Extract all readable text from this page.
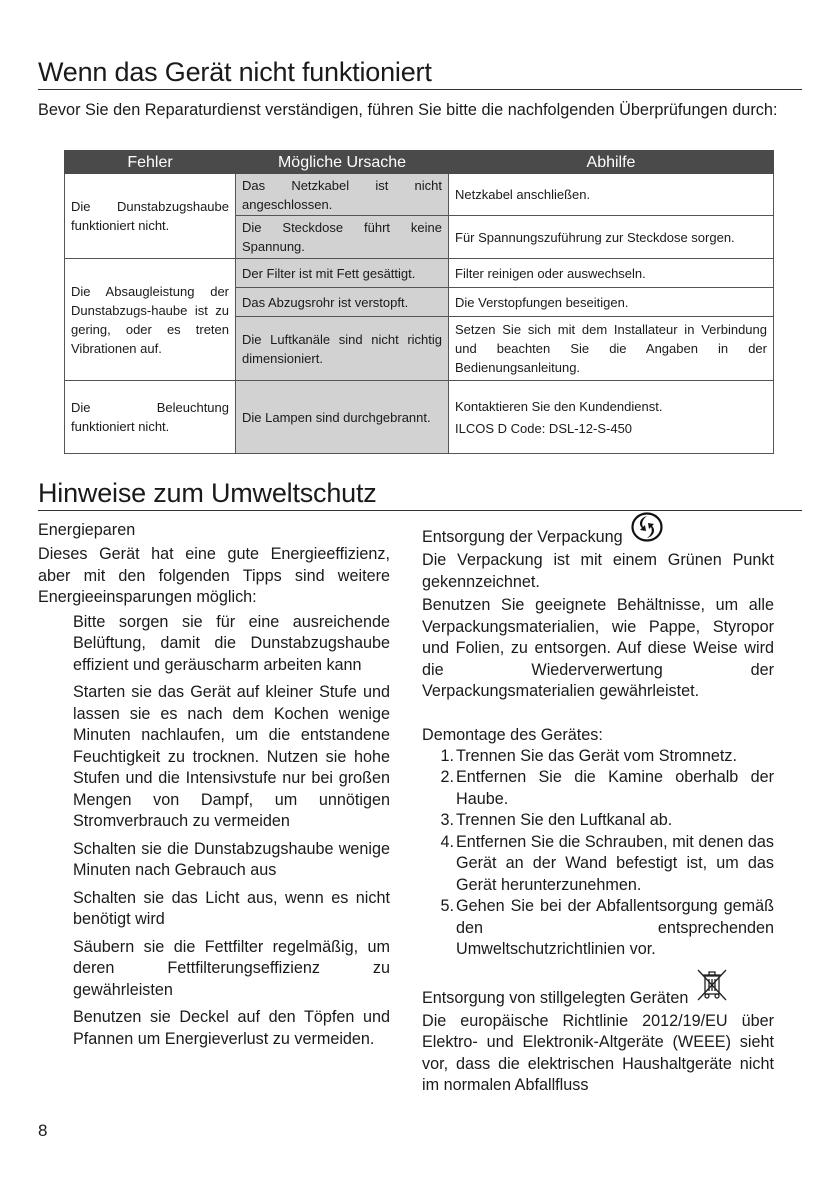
Wenn das Gerät nicht funktioniert

Bevor Sie den Reparaturdienst verständigen, führen Sie bitte die nachfolgenden Überprüfungen durch:

Fehler	Mögliche Ursache	Abhilfe
Die Dunstabzugshaube funktioniert nicht.	Das Netzkabel ist nicht angeschlossen.	Netzkabel anschließen.
	Die Steckdose führt keine Spannung.	Für Spannungszuführung zur Steckdose sorgen.
Die Absaugleistung der Dunstabzugs-haube ist zu gering, oder es treten Vibrationen auf.	Der Filter ist mit Fett gesättigt.	Filter reinigen oder auswechseln.
	Das Abzugsrohr ist verstopft.	Die Verstopfungen beseitigen.
	Die Luftkanäle sind nicht richtig dimensioniert.	Setzen Sie sich mit dem Installateur in Verbindung und beachten Sie die Angaben in der Bedienungsanleitung.
Die Beleuchtung funktioniert nicht.	Die Lampen sind durchgebrannt.	Kontaktieren Sie den Kundendienst.
ILCOS D Code: DSL-12-S-450
Hinweise zum Umweltschutz
Energieparen

Dieses Gerät hat eine gute Energieeffizienz, aber mit den folgenden Tipps sind weitere Energieeinsparungen möglich:

Bitte sorgen sie für eine ausreichende Belüftung, damit die Dunstabzugshaube effizient und geräuscharm arbeiten kann
Starten sie das Gerät auf kleiner Stufe und lassen sie es nach dem Kochen wenige Minuten nachlaufen, um die entstandene Feuchtigkeit zu trocknen. Nutzen sie hohe Stufen und die Intensivstufe nur bei großen Mengen von Dampf, um unnötigen Stromverbrauch zu vermeiden
Schalten sie die Dunstabzugshaube wenige Minuten nach Gebrauch aus
Schalten sie das Licht aus, wenn es nicht benötigt wird
Säubern sie die Fettfilter regelmäßig, um deren Fettfilterungseffizienz zu gewährleisten
Benutzen sie Deckel auf den Töpfen und Pfannen um Energieverlust zu vermeiden.
Entsorgung der Verpackung

Die Verpackung ist mit einem Grünen Punkt gekennzeichnet.

Benutzen Sie geeignete Behältnisse, um alle Verpackungsmaterialien, wie Pappe, Styropor und Folien, zu entsorgen. Auf diese Weise wird die Wiederverwertung der Verpackungsmaterialien gewährleistet.

Demontage des Gerätes:
1. Trennen Sie das Gerät vom Stromnetz.
2. Entfernen Sie die Kamine oberhalb der Haube.
3. Trennen Sie den Luftkanal ab.
4. Entfernen Sie die Schrauben, mit denen das Gerät an der Wand befestigt ist, um das Gerät herunterzunehmen.
5. Gehen Sie bei der Abfallentsorgung gemäß den entsprechenden Umweltschutzrichtlinien vor.
Entsorgung von stillgelegten Geräten

Die europäische Richtlinie 2012/19/EU über Elektro- und Elektronik-Altgeräte (WEEE) sieht vor, dass die elektrischen Haushaltgeräte nicht im normalen Abfallfluss

8
